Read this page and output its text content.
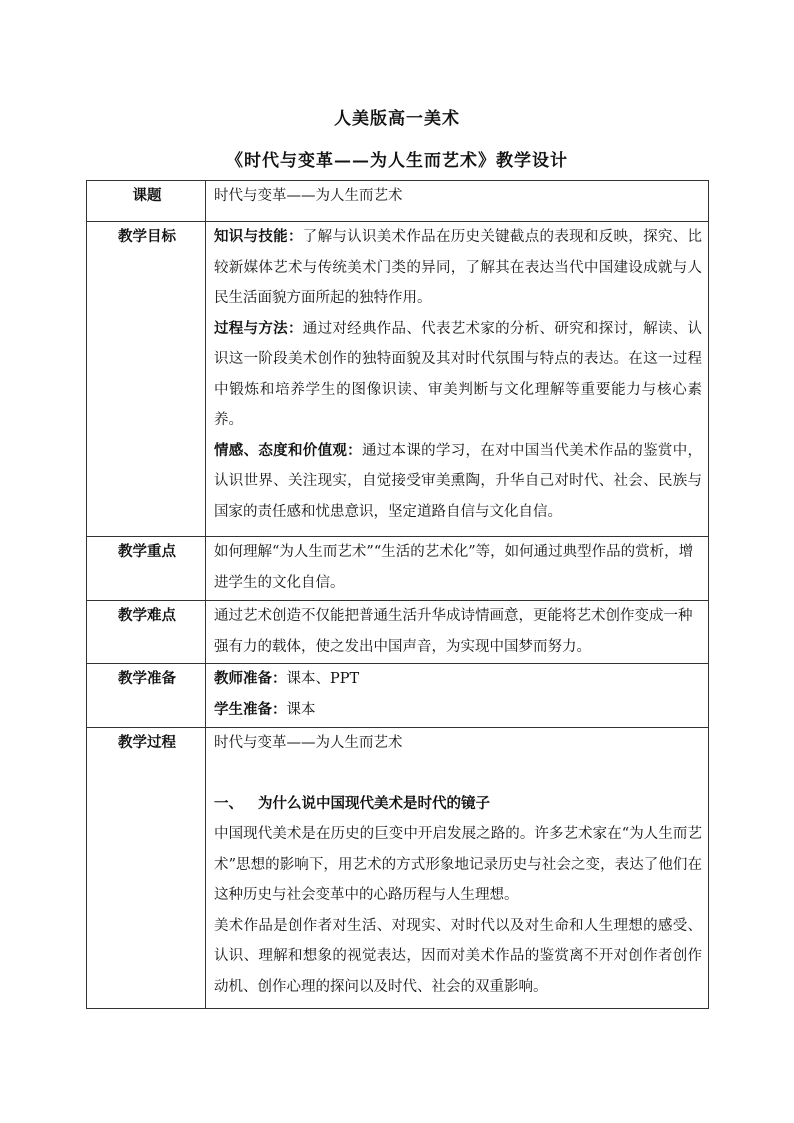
人美版高一美术
《时代与变革——为人生而艺术》教学设计
课题	时代与变革——为人生而艺术
教学目标	知识与技能：了解与认识美术作品在历史关键截点的表现和反映，探究、比较新媒体艺术与传统美术门类的异同，了解其在表达当代中国建设成就与人民生活面貌方面所起的独特作用。

过程与方法：通过对经典作品、代表艺术家的分析、研究和探讨，解读、认识这一阶段美术创作的独特面貌及其对时代氛围与特点的表达。在这一过程中锻炼和培养学生的图像识读、审美判断与文化理解等重要能力与核心素养。

情感、态度和价值观：通过本课的学习，在对中国当代美术作品的鉴赏中，认识世界、关注现实，自觉接受审美熏陶，升华自己对时代、社会、民族与国家的责任感和忧患意识，坚定道路自信与文化自信。

教学重点	如何理解“为人生而艺术”“生活的艺术化”等，如何通过典型作品的赏析，增进学生的文化自信。
教学难点	通过艺术创造不仅能把普通生活升华成诗情画意，更能将艺术创作变成一种强有力的载体，使之发出中国声音，为实现中国梦而努力。
教学准备	教师准备：课本、PPT
学生准备：课本

教学过程	时代与变革——为人生而艺术
一、 为什么说中国现代美术是时代的镜子

中国现代美术是在历史的巨变中开启发展之路的。许多艺术家在“为人生而艺术”思想的影响下，用艺术的方式形象地记录历史与社会之变，表达了他们在这种历史与社会变革中的心路历程与人生理想。

美术作品是创作者对生活、对现实、对时代以及对生命和人生理想的感受、认识、理解和想象的视觉表达，因而对美术作品的鉴赏离不开对创作者创作动机、创作心理的探问以及时代、社会的双重影响。
